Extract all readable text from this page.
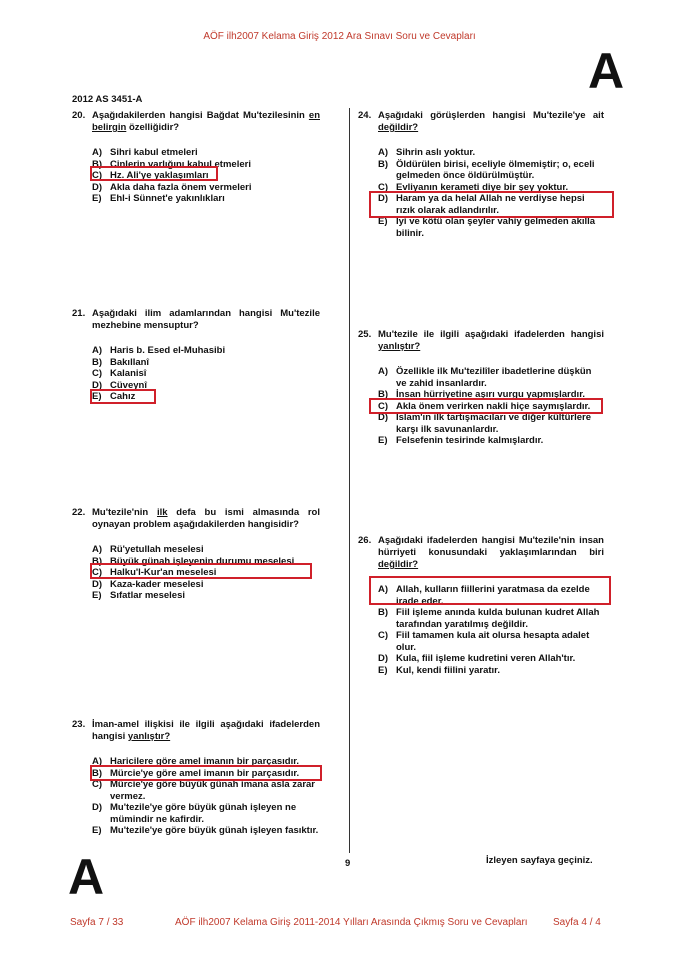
AÖF ilh2007 Kelama Giriş 2012 Ara Sınavı Soru ve Cevapları
A
2012 AS 3451-A
20. Aşağıdakilerden hangisi Bağdat Mu'tezilesinin en belirgin özelliğidir?
A) Sihri kabul etmeleri
B) Cinlerin varlığını kabul etmeleri
C) Hz. Ali'ye yaklaşımları
D) Akla daha fazla önem vermeleri
E) Ehl-i Sünnet'e yakınlıkları
21. Aşağıdaki ilim adamlarından hangisi Mu'tezile mezhebine mensuptur?
A) Haris b. Esed el-Muhasibi
B) Bakıllanî
C) Kalanisî
D) Cüveynî
E) Cahız
22. Mu'tezile'nin ilk defa bu ismi almasında rol oynayan problem aşağıdakilerden hangisidir?
A) Rü'yetullah meselesi
B) Büyük günah işleyenin durumu meselesi
C) Halku'l-Kur'an meselesi
D) Kaza-kader meselesi
E) Sıfatlar meselesi
23. İman-amel ilişkisi ile ilgili aşağıdaki ifadelerden hangisi yanlıştır?
A) Haricilere göre amel imanın bir parçasıdır.
B) Mürcie'ye göre amel imanın bir parçasıdır.
C) Mürcie'ye göre büyük günah imana asla zarar vermez.
D) Mu'tezile'ye göre büyük günah işleyen ne mümindir ne kafirdir.
E) Mu'tezile'ye göre büyük günah işleyen fasıktır.
24. Aşağıdaki görüşlerden hangisi Mu'tezile'ye ait değildir?
A) Sihrin aslı yoktur.
B) Öldürülen birisi, eceliyle ölmemiştir; o, eceli gelmeden önce öldürülmüştür.
C) Evliyanın kerameti diye bir şey yoktur.
D) Haram ya da helal Allah ne verdiyse hepsi rızık olarak adlandırılır.
E) İyi ve kötü olan şeyler vahiy gelmeden akılla bilinir.
25. Mu'tezile ile ilgili aşağıdaki ifadelerden hangisi yanlıştır?
A) Özellikle ilk Mu'tezilîler ibadetlerine düşkün ve zahid insanlardır.
B) İnsan hürriyetine aşırı vurgu yapmışlardır.
C) Akla önem verirken nakli hiçe saymışlardır.
D) İslam'ın ilk tartışmacıları ve diğer kültürlere karşı ilk savunanlardır.
E) Felsefenin tesirinde kalmışlardır.
26. Aşağıdaki ifadelerden hangisi Mu'tezile'nin insan hürriyeti konusundaki yaklaşımlarından biri değildir?
A) Allah, kulların fiillerini yaratmasa da ezelde irade eder.
B) Fiil işleme anında kulda bulunan kudret Allah tarafından yaratılmış değildir.
C) Fiil tamamen kula ait olursa hesapta adalet olur.
D) Kula, fiil işleme kudretini veren Allah'tır.
E) Kul, kendi fiilini yaratır.
9	İzleyen sayfaya geçiniz.
A
Sayfa 7 / 33	AÖF ilh2007 Kelama Giriş 2011-2014 Yılları Arasında Çıkmış Soru ve Cevapları	Sayfa 4 / 4
